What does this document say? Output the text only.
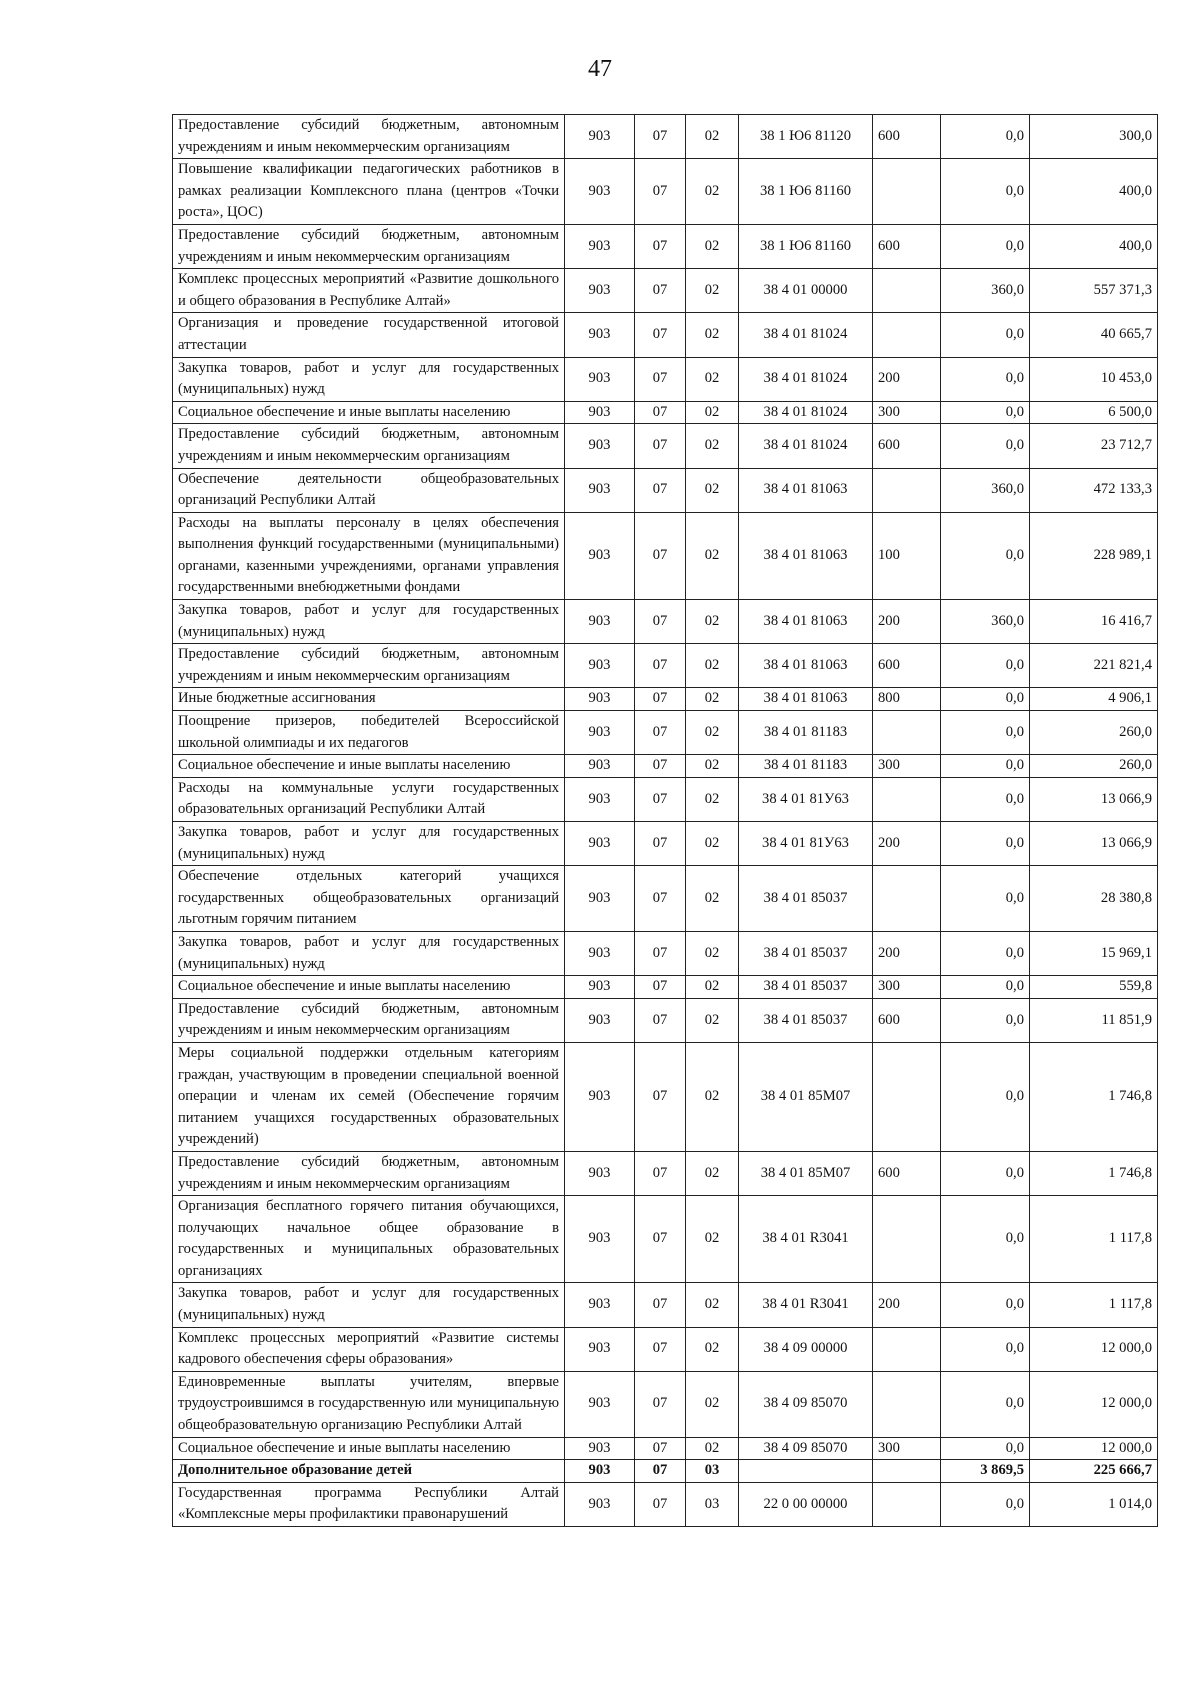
47
Предоставление субсидий бюджетным, автономным учреждениям и иным некоммерческим организациям	903	07	02	38 1 Ю6 81120	600	0,0	300,0
Повышение квалификации педагогических работников в рамках реализации Комплексного плана (центров «Точки роста», ЦОС)	903	07	02	38 1 Ю6 81160		0,0	400,0
Предоставление субсидий бюджетным, автономным учреждениям и иным некоммерческим организациям	903	07	02	38 1 Ю6 81160	600	0,0	400,0
Комплекс процессных мероприятий «Развитие дошкольного и общего образования в Республике Алтай»	903	07	02	38 4 01 00000		360,0	557 371,3
Организация и проведение государственной итоговой аттестации	903	07	02	38 4 01 81024		0,0	40 665,7
Закупка товаров, работ и услуг для государственных (муниципальных) нужд	903	07	02	38 4 01 81024	200	0,0	10 453,0
Социальное обеспечение и иные выплаты населению	903	07	02	38 4 01 81024	300	0,0	6 500,0
Предоставление субсидий бюджетным, автономным учреждениям и иным некоммерческим организациям	903	07	02	38 4 01 81024	600	0,0	23 712,7
Обеспечение деятельности общеобразовательных организаций Республики Алтай	903	07	02	38 4 01 81063		360,0	472 133,3
Расходы на выплаты персоналу в целях обеспечения выполнения функций государственными (муниципальными) органами, казенными учреждениями, органами управления государственными внебюджетными фондами	903	07	02	38 4 01 81063	100	0,0	228 989,1
Закупка товаров, работ и услуг для государственных (муниципальных) нужд	903	07	02	38 4 01 81063	200	360,0	16 416,7
Предоставление субсидий бюджетным, автономным учреждениям и иным некоммерческим организациям	903	07	02	38 4 01 81063	600	0,0	221 821,4
Иные бюджетные ассигнования	903	07	02	38 4 01 81063	800	0,0	4 906,1
Поощрение призеров, победителей Всероссийской школьной олимпиады и их педагогов	903	07	02	38 4 01 81183		0,0	260,0
Социальное обеспечение и иные выплаты населению	903	07	02	38 4 01 81183	300	0,0	260,0
Расходы на коммунальные услуги государственных образовательных организаций Республики Алтай	903	07	02	38 4 01 81У63		0,0	13 066,9
Закупка товаров, работ и услуг для государственных (муниципальных) нужд	903	07	02	38 4 01 81У63	200	0,0	13 066,9
Обеспечение отдельных категорий учащихся государственных общеобразовательных организаций льготным горячим питанием	903	07	02	38 4 01 85037		0,0	28 380,8
Закупка товаров, работ и услуг для государственных (муниципальных) нужд	903	07	02	38 4 01 85037	200	0,0	15 969,1
Социальное обеспечение и иные выплаты населению	903	07	02	38 4 01 85037	300	0,0	559,8
Предоставление субсидий бюджетным, автономным учреждениям и иным некоммерческим организациям	903	07	02	38 4 01 85037	600	0,0	11 851,9
Меры социальной поддержки отдельным категориям граждан, участвующим в проведении специальной военной операции и членам их семей (Обеспечение горячим питанием учащихся государственных образовательных учреждений)	903	07	02	38 4 01 85М07		0,0	1 746,8
Предоставление субсидий бюджетным, автономным учреждениям и иным некоммерческим организациям	903	07	02	38 4 01 85М07	600	0,0	1 746,8
Организация бесплатного горячего питания обучающихся, получающих начальное общее образование в государственных и муниципальных образовательных организациях	903	07	02	38 4 01 R3041		0,0	1 117,8
Закупка товаров, работ и услуг для государственных (муниципальных) нужд	903	07	02	38 4 01 R3041	200	0,0	1 117,8
Комплекс процессных мероприятий «Развитие системы кадрового обеспечения сферы образования»	903	07	02	38 4 09 00000		0,0	12 000,0
Единовременные выплаты учителям, впервые трудоустроившимся в государственную или муниципальную общеобразовательную организацию Республики Алтай	903	07	02	38 4 09 85070		0,0	12 000,0
Социальное обеспечение и иные выплаты населению	903	07	02	38 4 09 85070	300	0,0	12 000,0
Дополнительное образование детей	903	07	03			3 869,5	225 666,7
Государственная программа Республики Алтай «Комплексные меры профилактики правонарушений	903	07	03	22 0 00 00000		0,0	1 014,0
